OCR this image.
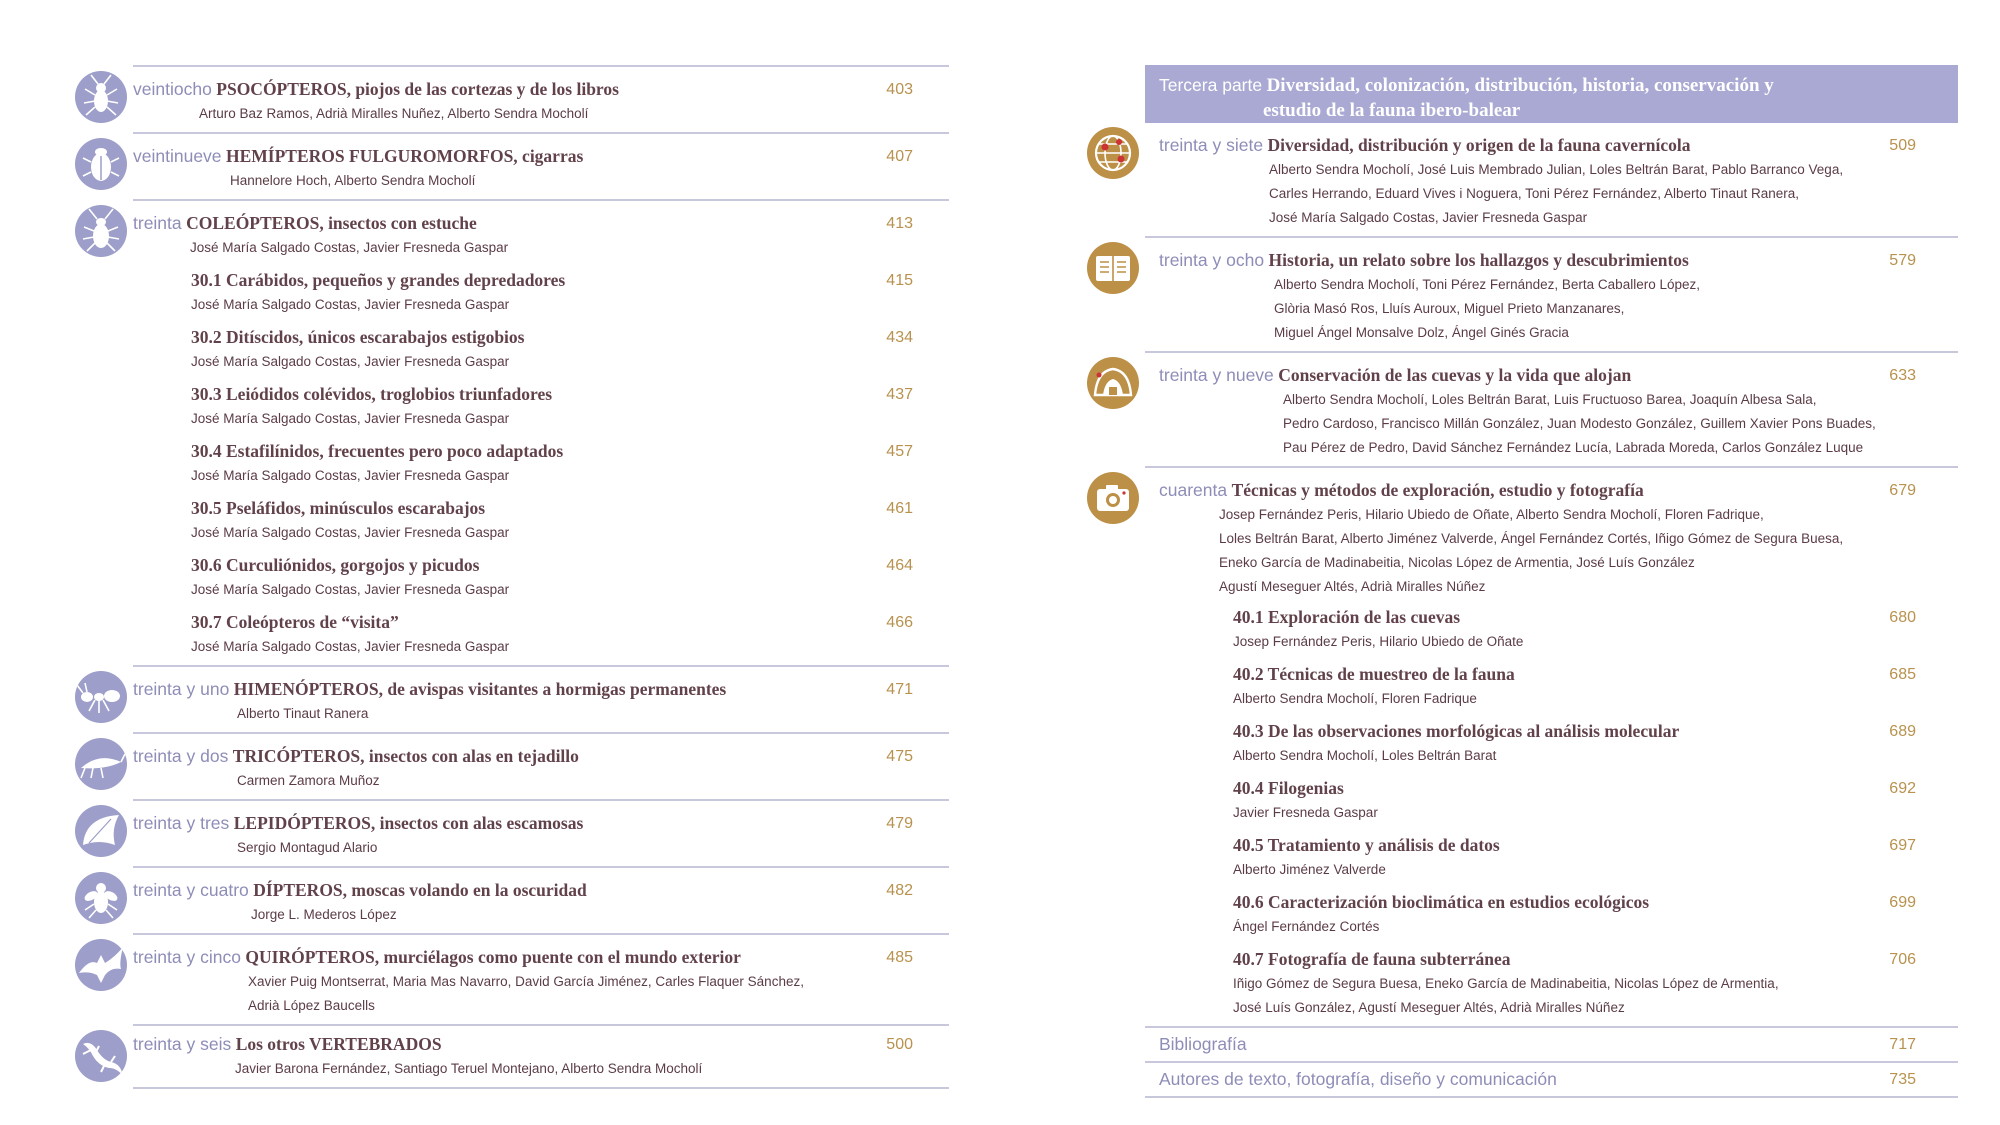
veintiocho PSOCÓPTEROS, piojos de las cortezas y de los libros	403
Arturo Baz Ramos, Adrià Miralles Nuñez, Alberto Sendra Mocholí
veintinueve HEMÍPTEROS FULGUROMORFOS, cigarras	407
Hannelore Hoch, Alberto Sendra Mocholí
treinta COLEÓPTEROS, insectos con estuche	413
José María Salgado Costas, Javier Fresneda Gaspar
30.1 Carábidos, pequeños y grandes depredadores	415
José María Salgado Costas, Javier Fresneda Gaspar
30.2 Ditíscidos, únicos escarabajos estigobios	434
José María Salgado Costas, Javier Fresneda Gaspar
30.3 Leiódidos colévidos, troglobios triunfadores	437
José María Salgado Costas, Javier Fresneda Gaspar
30.4 Estafilínidos, frecuentes pero poco adaptados	457
José María Salgado Costas, Javier Fresneda Gaspar
30.5 Pseláfidos, minúsculos escarabajos	461
José María Salgado Costas, Javier Fresneda Gaspar
30.6 Curculiónidos, gorgojos y picudos	464
José María Salgado Costas, Javier Fresneda Gaspar
30.7 Coleópteros de “visita”	466
José María Salgado Costas, Javier Fresneda Gaspar
treinta y uno HIMENÓPTEROS, de avispas visitantes a hormigas permanentes	471
Alberto Tinaut Ranera
treinta y dos TRICÓPTEROS, insectos con alas en tejadillo	475
Carmen Zamora Muñoz
treinta y tres LEPIDÓPTEROS, insectos con alas escamosas	479
Sergio Montagud Alario
treinta y cuatro DÍPTEROS, moscas volando en la oscuridad	482
Jorge L. Mederos López
treinta y cinco QUIRÓPTEROS, murciélagos como puente con el mundo exterior	485
Xavier Puig Montserrat, Maria Mas Navarro, David García Jiménez, Carles Flaquer Sánchez,
Adrià López Baucells
treinta y seis Los otros VERTEBRADOS	500
Javier Barona Fernández, Santiago Teruel Montejano, Alberto Sendra Mocholí
Tercera parte Diversidad, colonización, distribución, historia, conservación y
estudio de la fauna ibero-balear
treinta y siete Diversidad, distribución y origen de la fauna cavernícola	509
Alberto Sendra Mocholí, José Luis Membrado Julian, Loles Beltrán Barat, Pablo Barranco Vega,
Carles Herrando, Eduard Vives i Noguera, Toni Pérez Fernández, Alberto Tinaut Ranera,
José María Salgado Costas, Javier Fresneda Gaspar
treinta y ocho Historia, un relato sobre los hallazgos y descubrimientos	579
Alberto Sendra Mocholí, Toni Pérez Fernández, Berta Caballero López,
Glòria Masó Ros, Lluís Auroux, Miguel Prieto Manzanares,
Miguel Ángel Monsalve Dolz, Ángel Ginés Gracia
treinta y nueve Conservación de las cuevas y la vida que alojan	633
Alberto Sendra Mocholí, Loles Beltrán Barat, Luis Fructuoso Barea, Joaquín Albesa Sala,
Pedro Cardoso, Francisco Millán González, Juan Modesto González, Guillem Xavier Pons Buades,
Pau Pérez de Pedro, David Sánchez Fernández Lucía, Labrada Moreda, Carlos González Luque
cuarenta Técnicas y métodos de exploración, estudio y fotografía	679
Josep Fernández Peris, Hilario Ubiedo de Oñate, Alberto Sendra Mocholí, Floren Fadrique,
Loles Beltrán Barat, Alberto Jiménez Valverde, Ángel Fernández Cortés, Iñigo Gómez de Segura Buesa,
Eneko García de Madinabeitia, Nicolas López de Armentia, José Luís González
Agustí Meseguer Altés, Adrià Miralles Núñez
40.1 Exploración de las cuevas	680
Josep Fernández Peris, Hilario Ubiedo de Oñate
40.2 Técnicas de muestreo de la fauna	685
Alberto Sendra Mocholí, Floren Fadrique
40.3 De las observaciones morfológicas al análisis molecular	689
Alberto Sendra Mocholí, Loles Beltrán Barat
40.4 Filogenias	692
Javier Fresneda Gaspar
40.5 Tratamiento y análisis de datos	697
Alberto Jiménez Valverde
40.6 Caracterización bioclimática en estudios ecológicos	699
Ángel Fernández Cortés
40.7 Fotografía de fauna subterránea	706
Iñigo Gómez de Segura Buesa, Eneko García de Madinabeitia, Nicolas López de Armentia,
José Luís González, Agustí Meseguer Altés, Adrià Miralles Núñez
Bibliografía	717
Autores de texto, fotografía, diseño y comunicación	735
